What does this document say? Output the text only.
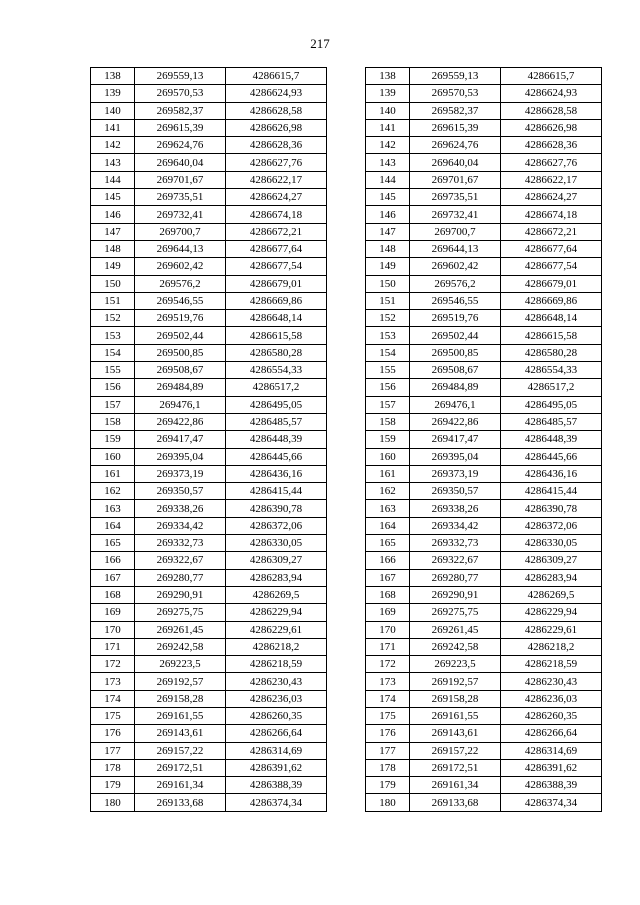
217
138	269559,13	4286615,7
139	269570,53	4286624,93
140	269582,37	4286628,58
141	269615,39	4286626,98
142	269624,76	4286628,36
143	269640,04	4286627,76
144	269701,67	4286622,17
145	269735,51	4286624,27
146	269732,41	4286674,18
147	269700,7	4286672,21
148	269644,13	4286677,64
149	269602,42	4286677,54
150	269576,2	4286679,01
151	269546,55	4286669,86
152	269519,76	4286648,14
153	269502,44	4286615,58
154	269500,85	4286580,28
155	269508,67	4286554,33
156	269484,89	4286517,2
157	269476,1	4286495,05
158	269422,86	4286485,57
159	269417,47	4286448,39
160	269395,04	4286445,66
161	269373,19	4286436,16
162	269350,57	4286415,44
163	269338,26	4286390,78
164	269334,42	4286372,06
165	269332,73	4286330,05
166	269322,67	4286309,27
167	269280,77	4286283,94
168	269290,91	4286269,5
169	269275,75	4286229,94
170	269261,45	4286229,61
171	269242,58	4286218,2
172	269223,5	4286218,59
173	269192,57	4286230,43
174	269158,28	4286236,03
175	269161,55	4286260,35
176	269143,61	4286266,64
177	269157,22	4286314,69
178	269172,51	4286391,62
179	269161,34	4286388,39
180	269133,68	4286374,34
138	269559,13	4286615,7
139	269570,53	4286624,93
140	269582,37	4286628,58
141	269615,39	4286626,98
142	269624,76	4286628,36
143	269640,04	4286627,76
144	269701,67	4286622,17
145	269735,51	4286624,27
146	269732,41	4286674,18
147	269700,7	4286672,21
148	269644,13	4286677,64
149	269602,42	4286677,54
150	269576,2	4286679,01
151	269546,55	4286669,86
152	269519,76	4286648,14
153	269502,44	4286615,58
154	269500,85	4286580,28
155	269508,67	4286554,33
156	269484,89	4286517,2
157	269476,1	4286495,05
158	269422,86	4286485,57
159	269417,47	4286448,39
160	269395,04	4286445,66
161	269373,19	4286436,16
162	269350,57	4286415,44
163	269338,26	4286390,78
164	269334,42	4286372,06
165	269332,73	4286330,05
166	269322,67	4286309,27
167	269280,77	4286283,94
168	269290,91	4286269,5
169	269275,75	4286229,94
170	269261,45	4286229,61
171	269242,58	4286218,2
172	269223,5	4286218,59
173	269192,57	4286230,43
174	269158,28	4286236,03
175	269161,55	4286260,35
176	269143,61	4286266,64
177	269157,22	4286314,69
178	269172,51	4286391,62
179	269161,34	4286388,39
180	269133,68	4286374,34
